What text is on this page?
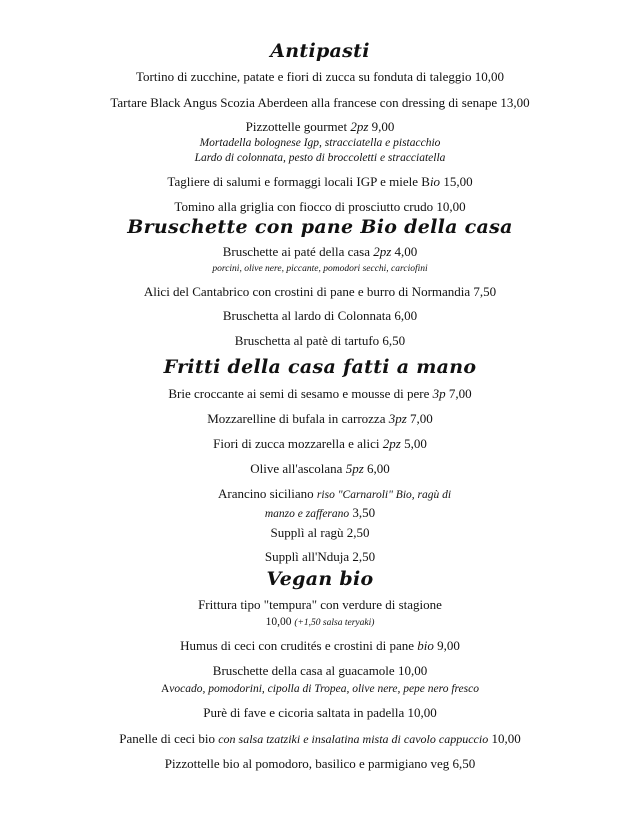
Antipasti
Tortino di zucchine, patate e fiori di zucca su fonduta di taleggio 10,00
Tartare Black Angus Scozia Aberdeen alla francese con dressing di senape 13,00
Pizzottelle gourmet 2pz 9,00
Mortadella bolognese Igp, stracciatella e pistacchio
Lardo di colonnata, pesto di broccoletti e stracciatella
Tagliere di salumi e formaggi locali IGP e miele Bio 15,00
Tomino alla griglia con fiocco di prosciutto crudo 10,00
Bruschette con pane Bio della casa
Bruschette ai paté della casa 2pz 4,00
porcini, olive nere, piccante, pomodori secchi, carciofini
Alici del Cantabrico con crostini di pane e burro di Normandia 7,50
Bruschetta al lardo di Colonnata 6,00
Bruschetta al patè di tartufo 6,50
Fritti della casa fatti a mano
Brie croccante ai semi di sesamo e mousse di pere 3p 7,00
Mozzarelline di bufala in carrozza 3pz 7,00
Fiori di zucca mozzarella e alici 2pz 5,00
Olive all'ascolana 5pz 6,00
Arancino siciliano riso "Carnaroli" Bio, ragù di
manzo e zafferano 3,50
Supplì al ragù 2,50
Supplì all'Nduja 2,50
Vegan bio
Frittura tipo "tempura" con verdure di stagione
10,00 (+1,50 salsa teryaki)
Humus di ceci con crudités e crostini di pane bio 9,00
Bruschette della casa al guacamole 10,00
Avocado, pomodorini, cipolla di Tropea, olive nere, pepe nero fresco
Purè di fave e cicoria saltata in padella 10,00
Panelle di ceci bio con salsa tzatziki e insalatina mista di cavolo cappuccio 10,00
Pizzottelle bio al pomodoro, basilico e parmigiano veg 6,50
